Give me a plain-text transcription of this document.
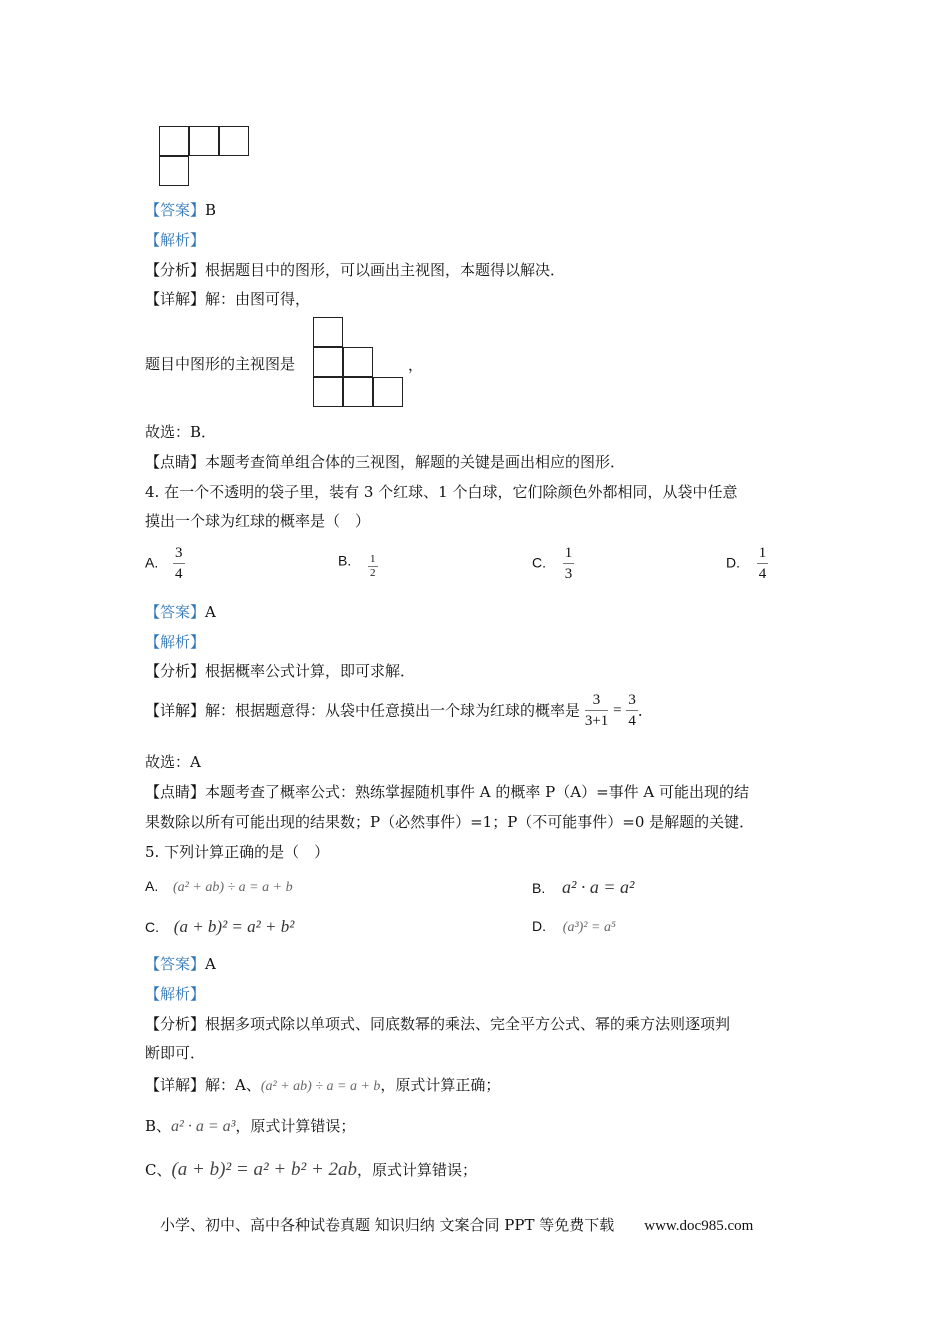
【答案】B
【解析】
【分析】根据题目中的图形，可以画出主视图，本题得以解决．
【详解】解：由图可得，
题目中图形的主视图是	，
故选：B．
【点睛】本题考查简单组合体的三视图，解题的关键是画出相应的图形．
4. 在一个不透明的袋子里，装有 3 个红球、1 个白球，它们除颜色外都相同，从袋中任意
摸出一个球为红球的概率是（　）
A. $\frac{3}{4}$	B. $\frac{1}{2}$	C. $\frac{1}{3}$	D. $\frac{1}{4}$
【答案】A
【解析】
【分析】根据概率公式计算，即可求解．
【详解】解：根据题意得：从袋中任意摸出一个球为红球的概率是 $\frac{3}{3+1} = \frac{3}{4}$ ．
故选：A
【点睛】本题考查了概率公式：熟练掌握随机事件 A 的概率 P（A）=事件 A 可能出现的结
果数除以所有可能出现的结果数；P（必然事件）=1；P（不可能事件）=0 是解题的关键．
5. 下列计算正确的是（　）
A. (a² + ab) ÷ a = a + b	B. a² · a = a²
C. (a + b)² = a² + b²	D. (a³)² = a⁵
【答案】A
【解析】
【分析】根据多项式除以单项式、同底数幂的乘法、完全平方公式、幂的乘方法则逐项判
断即可．
【详解】解：A、(a² + ab) ÷ a = a + b，原式计算正确；
B、a² · a = a³，原式计算错误；
C、(a + b)² = a² + b² + 2ab，原式计算错误；
小学、初中、高中各种试卷真题 知识归纳 文案合同 PPT 等免费下载 www.doc985.com
